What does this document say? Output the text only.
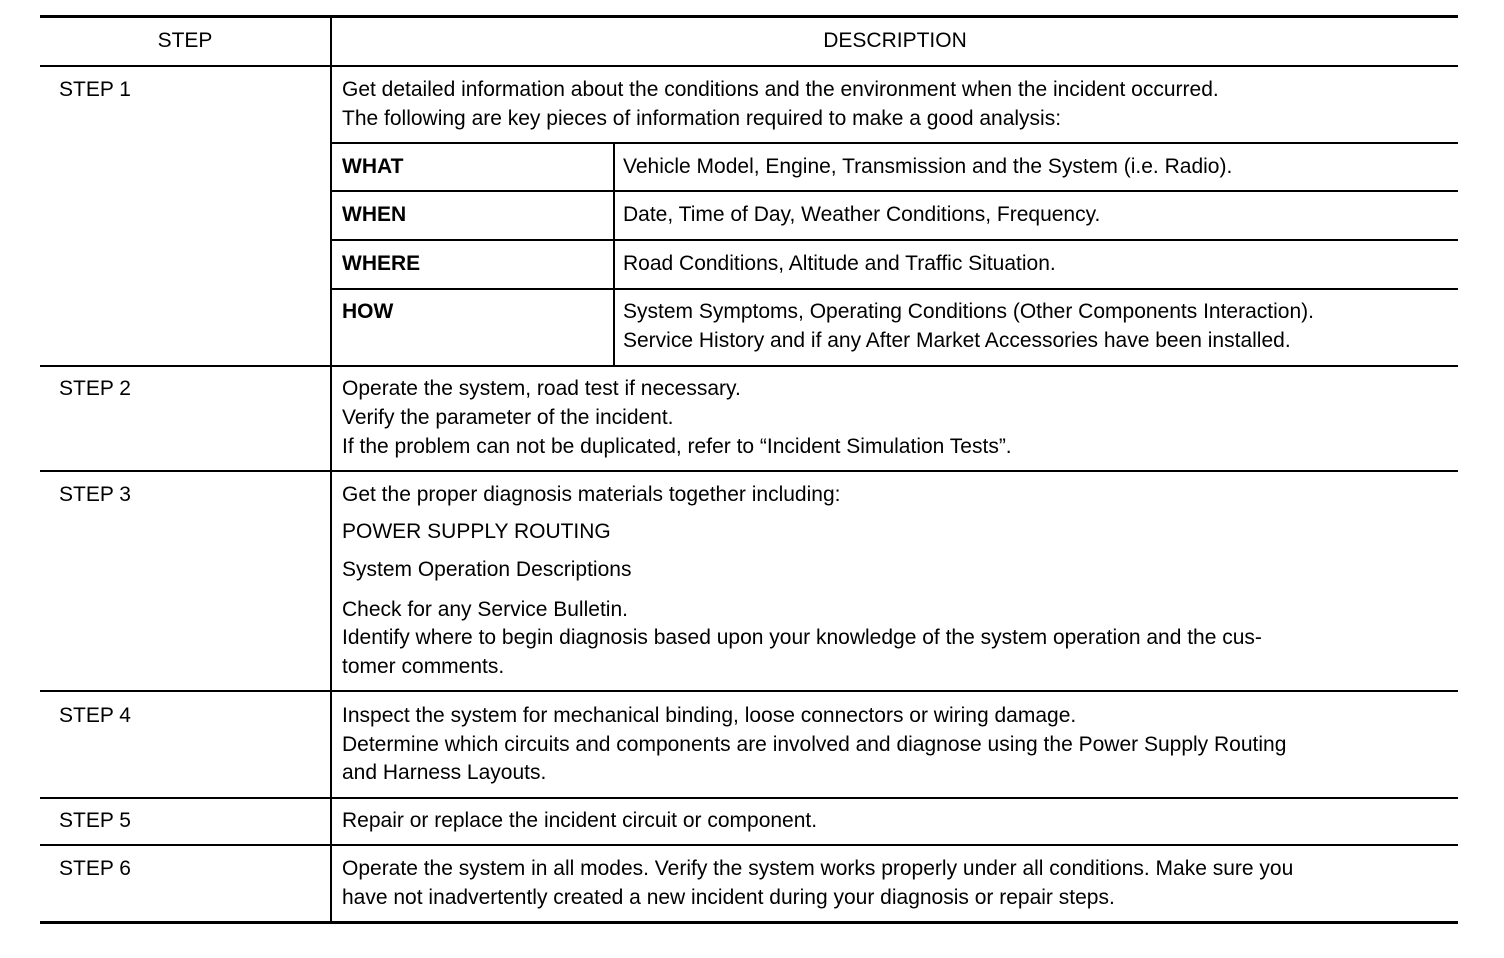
STEP	DESCRIPTION
STEP 1	Get detailed information about the conditions and the environment when the incident occurred.
The following are key pieces of information required to make a good analysis:
WHAT	Vehicle Model, Engine, Transmission and the System (i.e. Radio).
WHEN	Date, Time of Day, Weather Conditions, Frequency.
WHERE	Road Conditions, Altitude and Traffic Situation.
HOW	System Symptoms, Operating Conditions (Other Components Interaction).
Service History and if any After Market Accessories have been installed.
STEP 2	Operate the system, road test if necessary.
Verify the parameter of the incident.
If the problem can not be duplicated, refer to “Incident Simulation Tests”.
STEP 3	Get the proper diagnosis materials together including:
POWER SUPPLY ROUTING
System Operation Descriptions
Check for any Service Bulletin.
Identify where to begin diagnosis based upon your knowledge of the system operation and the cus-
tomer comments.
STEP 4	Inspect the system for mechanical binding, loose connectors or wiring damage.
Determine which circuits and components are involved and diagnose using the Power Supply Routing
and Harness Layouts.
STEP 5	Repair or replace the incident circuit or component.
STEP 6	Operate the system in all modes. Verify the system works properly under all conditions. Make sure you
have not inadvertently created a new incident during your diagnosis or repair steps.
